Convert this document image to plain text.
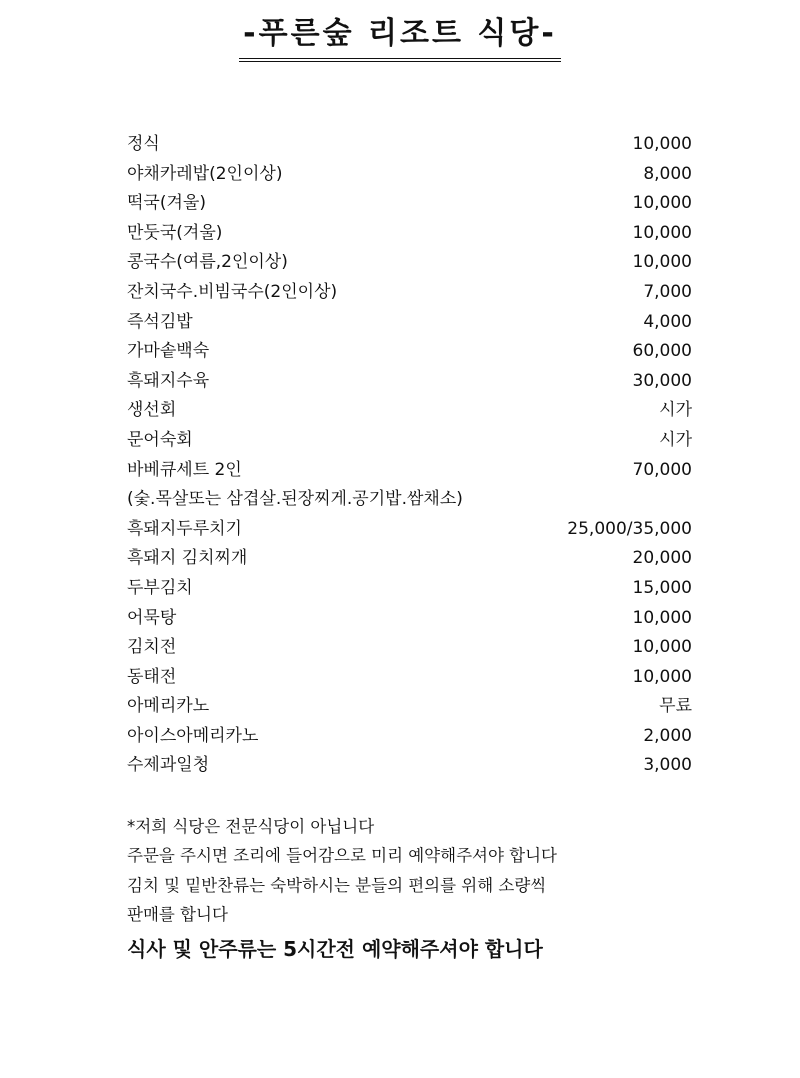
-푸른숲 리조트 식당-
정식	10,000
야채카레밥(2인이상)	8,000
떡국(겨울)	10,000
만둣국(겨울)	10,000
콩국수(여름,2인이상)	10,000
잔치국수.비빔국수(2인이상)	7,000
즉석김밥	4,000
가마솥백숙	60,000
흑돼지수육	30,000
생선회	시가
문어숙회	시가
바베큐세트 2인	70,000
(숯.목살또는 삼겹살.된장찌게.공기밥.쌈채소)
흑돼지두루치기	25,000/35,000
흑돼지 김치찌개	20,000
두부김치	15,000
어묵탕	10,000
김치전	10,000
동태전	10,000
아메리카노	무료
아이스아메리카노	2,000
수제과일청	3,000

*저희 식당은 전문식당이 아닙니다

주문을 주시면 조리에 들어감으로 미리 예약해주셔야 합니다

김치 및 밑반찬류는 숙박하시는 분들의 편의를 위해 소량씩

판매를 합니다

식사 및 안주류는 5시간전 예약해주셔야 합니다
